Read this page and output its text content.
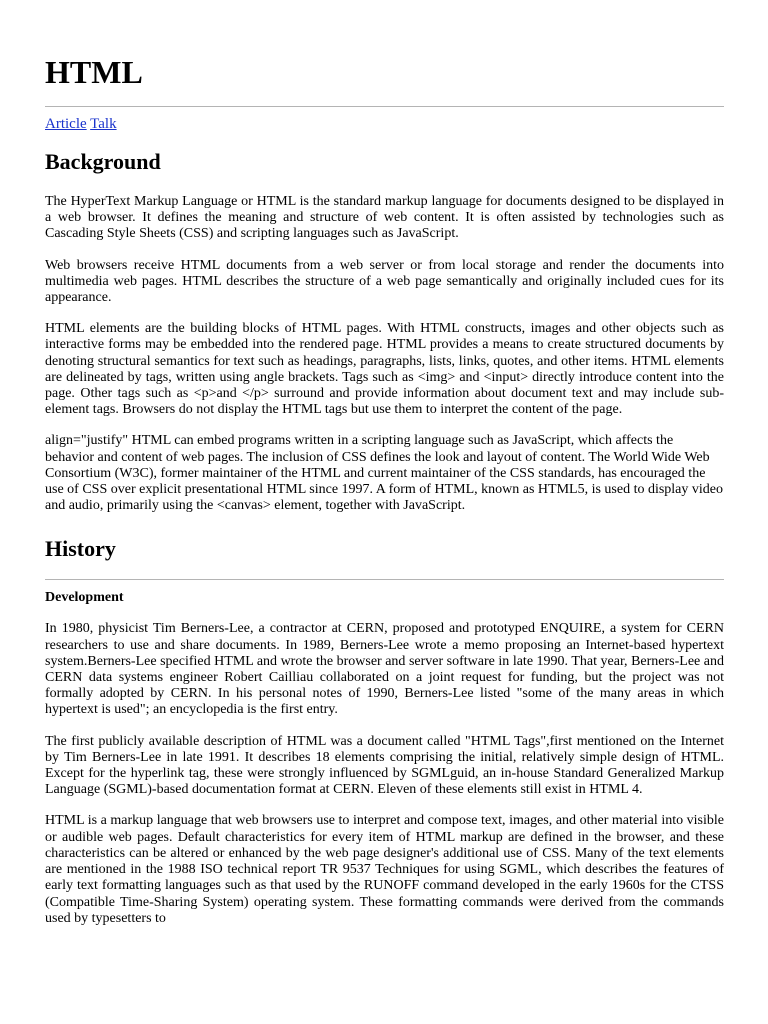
HTML
Article Talk
Background

The HyperText Markup Language or HTML is the standard markup language for documents designed to be displayed in a web browser. It defines the meaning and structure of web content. It is often assisted by technologies such as Cascading Style Sheets (CSS) and scripting languages such as JavaScript.

Web browsers receive HTML documents from a web server or from local storage and render the documents into multimedia web pages. HTML describes the structure of a web page semantically and originally included cues for its appearance.

HTML elements are the building blocks of HTML pages. With HTML constructs, images and other objects such as interactive forms may be embedded into the rendered page. HTML provides a means to create structured documents by denoting structural semantics for text such as headings, paragraphs, lists, links, quotes, and other items. HTML elements are delineated by tags, written using angle brackets. Tags such as <img> and <input> directly introduce content into the page. Other tags such as <p>and </p> surround and provide information about document text and may include sub-element tags. Browsers do not display the HTML tags but use them to interpret the content of the page.

align="justify" HTML can embed programs written in a scripting language such as JavaScript, which affects the behavior and content of web pages. The inclusion of CSS defines the look and layout of content. The World Wide Web Consortium (W3C), former maintainer of the HTML and current maintainer of the CSS standards, has encouraged the use of CSS over explicit presentational HTML since 1997. A form of HTML, known as HTML5, is used to display video and audio, primarily using the <canvas> element, together with JavaScript.

History
Development

In 1980, physicist Tim Berners-Lee, a contractor at CERN, proposed and prototyped ENQUIRE, a system for CERN researchers to use and share documents. In 1989, Berners-Lee wrote a memo proposing an Internet-based hypertext system.Berners-Lee specified HTML and wrote the browser and server software in late 1990. That year, Berners-Lee and CERN data systems engineer Robert Cailliau collaborated on a joint request for funding, but the project was not formally adopted by CERN. In his personal notes of 1990, Berners-Lee listed "some of the many areas in which hypertext is used"; an encyclopedia is the first entry.

The first publicly available description of HTML was a document called "HTML Tags",first mentioned on the Internet by Tim Berners-Lee in late 1991. It describes 18 elements comprising the initial, relatively simple design of HTML. Except for the hyperlink tag, these were strongly influenced by SGMLguid, an in-house Standard Generalized Markup Language (SGML)-based documentation format at CERN. Eleven of these elements still exist in HTML 4.

HTML is a markup language that web browsers use to interpret and compose text, images, and other material into visible or audible web pages. Default characteristics for every item of HTML markup are defined in the browser, and these characteristics can be altered or enhanced by the web page designer's additional use of CSS. Many of the text elements are mentioned in the 1988 ISO technical report TR 9537 Techniques for using SGML, which describes the features of early text formatting languages such as that used by the RUNOFF command developed in the early 1960s for the CTSS (Compatible Time-Sharing System) operating system. These formatting commands were derived from the commands used by typesetters to
